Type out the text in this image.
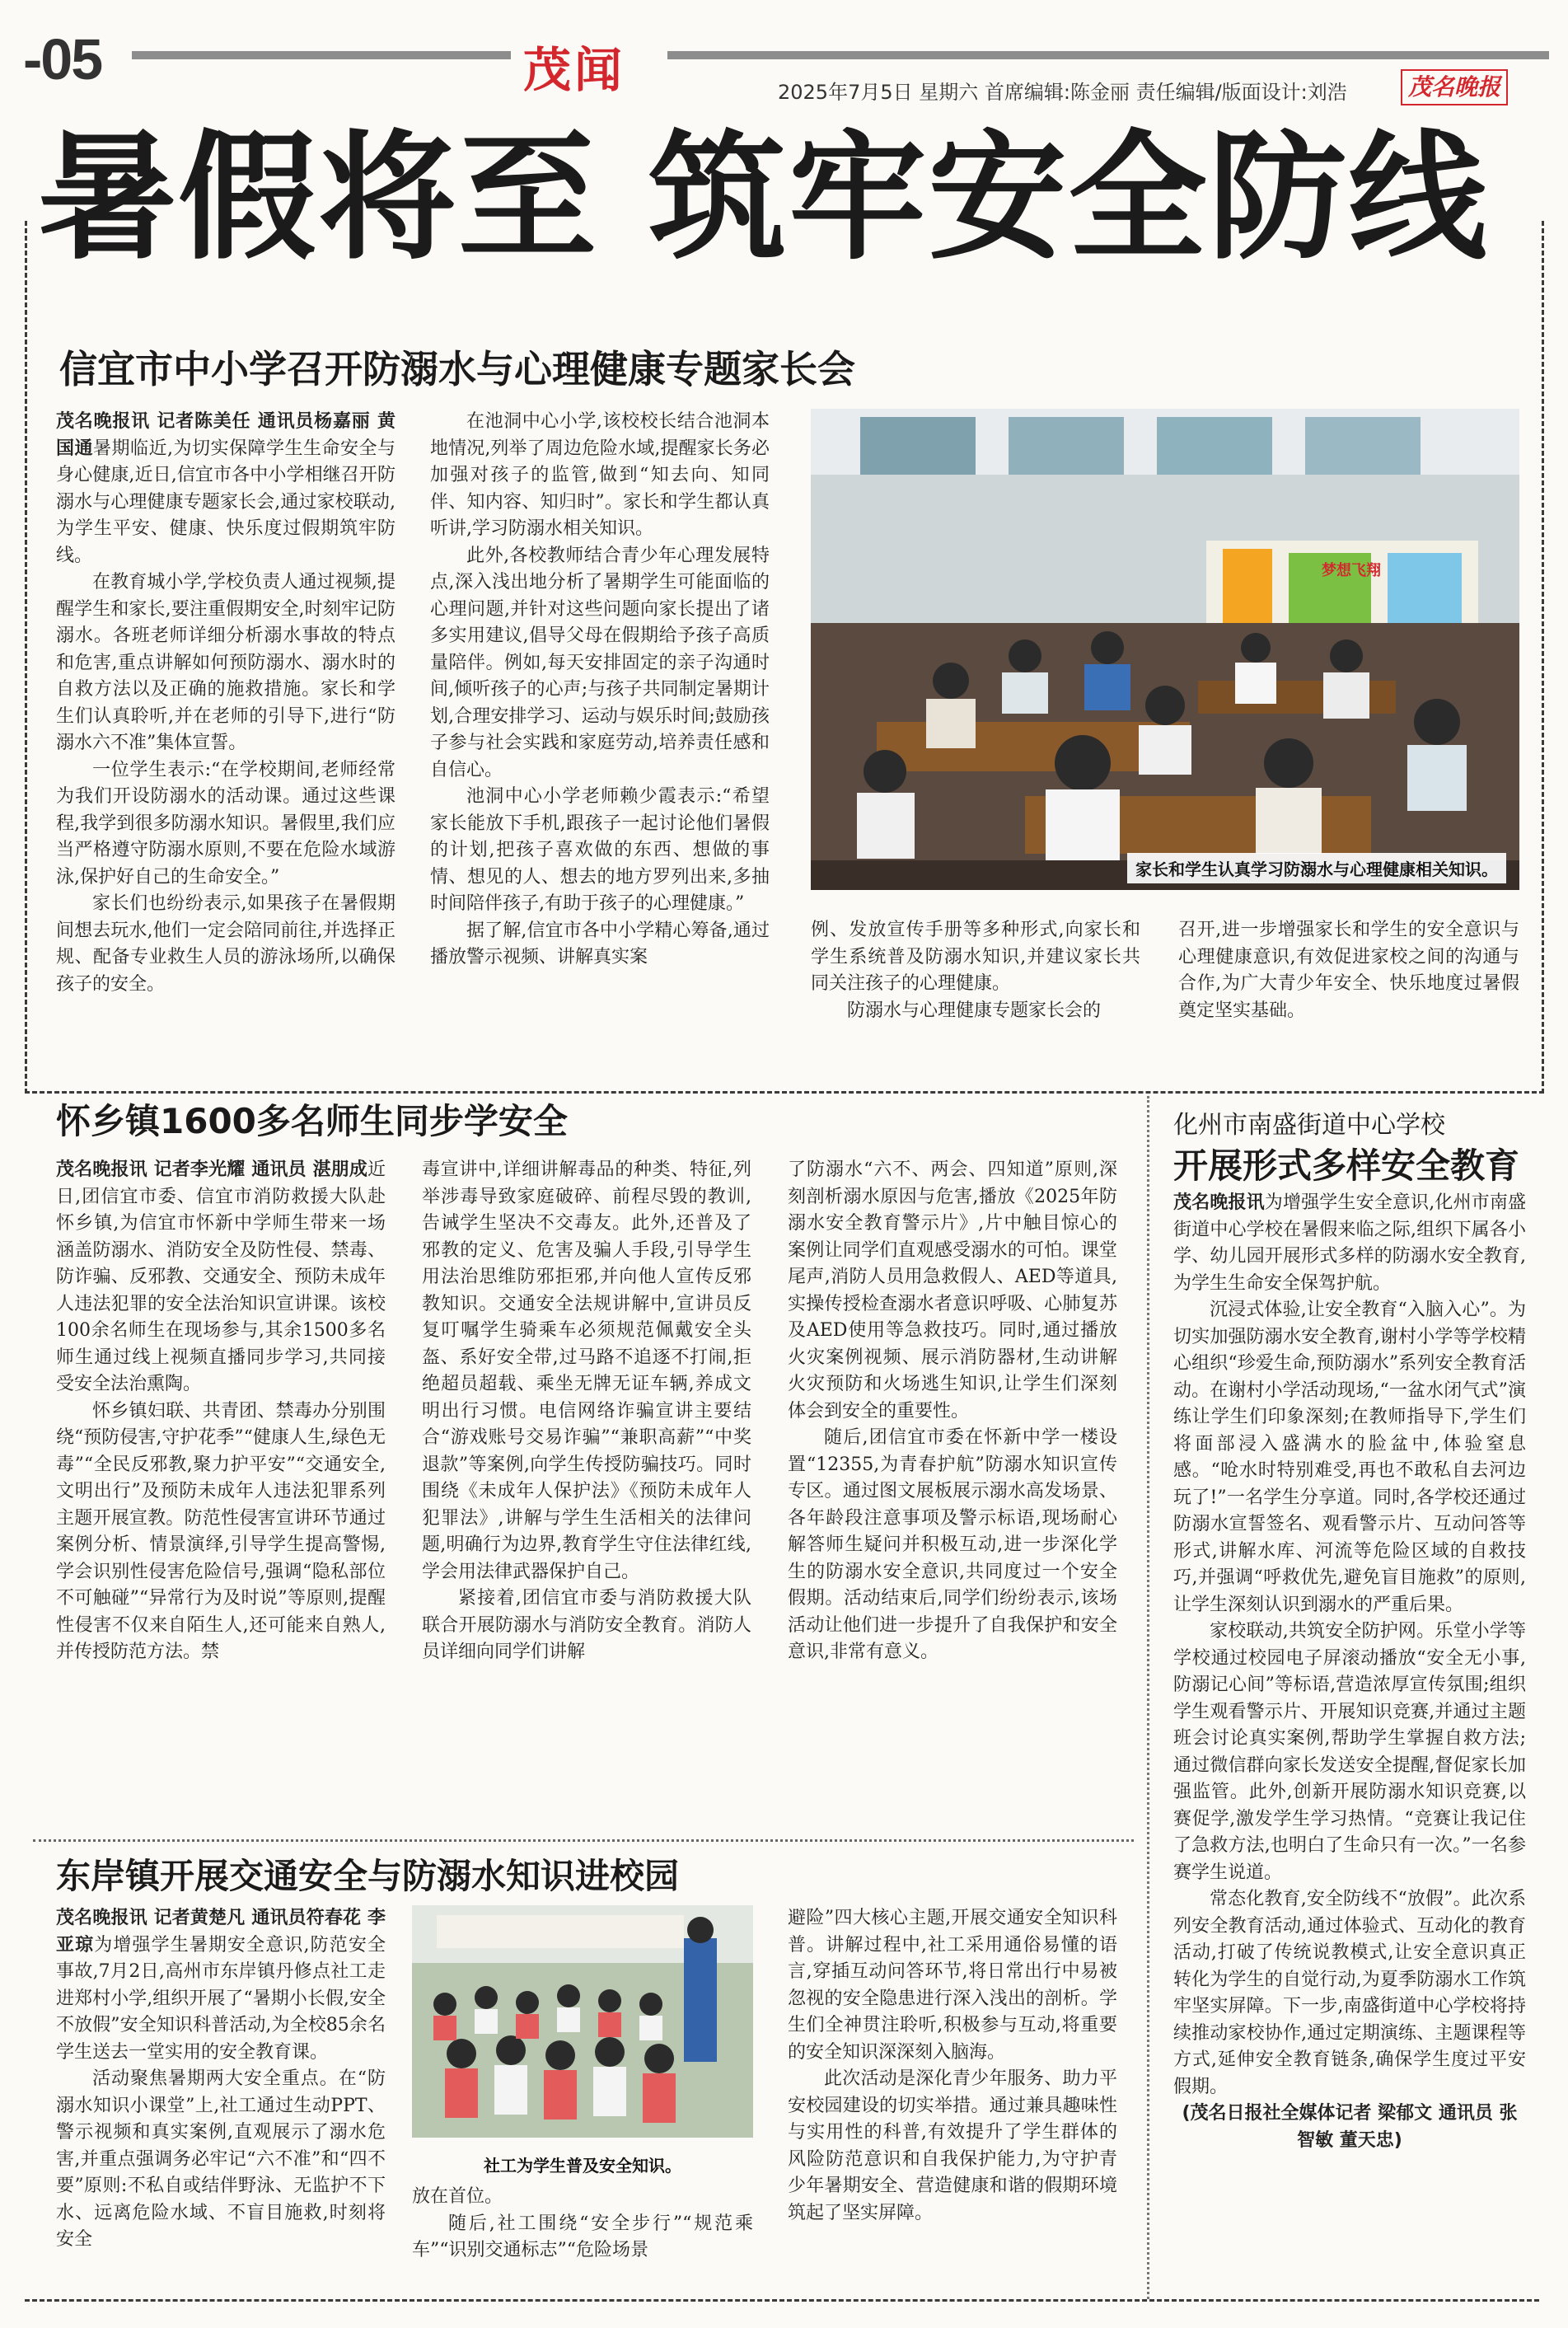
-05	茂闻	2025年7月5日 星期六 首席编辑:陈金丽 责任编辑/版面设计:刘浩	茂名晚报
暑假将至 筑牢安全防线
信宜市中小学召开防溺水与心理健康专题家长会

茂名晚报讯 记者陈美任 通讯员杨嘉丽 黄国通暑期临近,为切实保障学生生命安全与身心健康,近日,信宜市各中小学相继召开防溺水与心理健康专题家长会,通过家校联动,为学生平安、健康、快乐度过假期筑牢防线。

在教育城小学,学校负责人通过视频,提醒学生和家长,要注重假期安全,时刻牢记防溺水。各班老师详细分析溺水事故的特点和危害,重点讲解如何预防溺水、溺水时的自救方法以及正确的施救措施。家长和学生们认真聆听,并在老师的引导下,进行“防溺水六不准”集体宣誓。

一位学生表示:“在学校期间,老师经常为我们开设防溺水的活动课。通过这些课程,我学到很多防溺水知识。暑假里,我们应当严格遵守防溺水原则,不要在危险水域游泳,保护好自己的生命安全。”

家长们也纷纷表示,如果孩子在暑假期间想去玩水,他们一定会陪同前往,并选择正规、配备专业救生人员的游泳场所,以确保孩子的安全。

在池洞中心小学,该校校长结合池洞本地情况,列举了周边危险水域,提醒家长务必加强对孩子的监管,做到“知去向、知同伴、知内容、知归时”。家长和学生都认真听讲,学习防溺水相关知识。

此外,各校教师结合青少年心理发展特点,深入浅出地分析了暑期学生可能面临的心理问题,并针对这些问题向家长提出了诸多实用建议,倡导父母在假期给予孩子高质量陪伴。例如,每天安排固定的亲子沟通时间,倾听孩子的心声;与孩子共同制定暑期计划,合理安排学习、运动与娱乐时间;鼓励孩子参与社会实践和家庭劳动,培养责任感和自信心。

池洞中心小学老师赖少霞表示:“希望家长能放下手机,跟孩子一起讨论他们暑假的计划,把孩子喜欢做的东西、想做的事情、想见的人、想去的地方罗列出来,多抽时间陪伴孩子,有助于孩子的心理健康。”

据了解,信宜市各中小学精心筹备,通过播放警示视频、讲解真实案

梦想飞翔
家长和学生认真学习防溺水与心理健康相关知识。

例、发放宣传手册等多种形式,向家长和学生系统普及防溺水知识,并建议家长共同关注孩子的心理健康。

防溺水与心理健康专题家长会的

召开,进一步增强家长和学生的安全意识与心理健康意识,有效促进家校之间的沟通与合作,为广大青少年安全、快乐地度过暑假奠定坚实基础。

怀乡镇1600多名师生同步学安全

茂名晚报讯 记者李光耀 通讯员 湛朋成近日,团信宜市委、信宜市消防救援大队赴怀乡镇,为信宜市怀新中学师生带来一场涵盖防溺水、消防安全及防性侵、禁毒、防诈骗、反邪教、交通安全、预防未成年人违法犯罪的安全法治知识宣讲课。该校100余名师生在现场参与,其余1500多名师生通过线上视频直播同步学习,共同接受安全法治熏陶。

怀乡镇妇联、共青团、禁毒办分别围绕“预防侵害,守护花季”“健康人生,绿色无毒”“全民反邪教,聚力护平安”“交通安全,文明出行”及预防未成年人违法犯罪系列主题开展宣教。防范性侵害宣讲环节通过案例分析、情景演绎,引导学生提高警惕,学会识别性侵害危险信号,强调“隐私部位不可触碰”“异常行为及时说”等原则,提醒性侵害不仅来自陌生人,还可能来自熟人,并传授防范方法。禁

毒宣讲中,详细讲解毒品的种类、特征,列举涉毒导致家庭破碎、前程尽毁的教训,告诫学生坚决不交毒友。此外,还普及了邪教的定义、危害及骗人手段,引导学生用法治思维防邪拒邪,并向他人宣传反邪教知识。交通安全法规讲解中,宣讲员反复叮嘱学生骑乘车必须规范佩戴安全头盔、系好安全带,过马路不追逐不打闹,拒绝超员超载、乘坐无牌无证车辆,养成文明出行习惯。电信网络诈骗宣讲主要结合“游戏账号交易诈骗”“兼职高薪”“中奖退款”等案例,向学生传授防骗技巧。同时围绕《未成年人保护法》《预防未成年人犯罪法》,讲解与学生生活相关的法律问题,明确行为边界,教育学生守住法律红线,学会用法律武器保护自己。

紧接着,团信宜市委与消防救援大队联合开展防溺水与消防安全教育。消防人员详细向同学们讲解

了防溺水“六不、两会、四知道”原则,深刻剖析溺水原因与危害,播放《2025年防溺水安全教育警示片》,片中触目惊心的案例让同学们直观感受溺水的可怕。课堂尾声,消防人员用急救假人、AED等道具,实操传授检查溺水者意识呼吸、心肺复苏及AED使用等急救技巧。同时,通过播放火灾案例视频、展示消防器材,生动讲解火灾预防和火场逃生知识,让学生们深刻体会到安全的重要性。

随后,团信宜市委在怀新中学一楼设置“12355,为青春护航”防溺水知识宣传专区。通过图文展板展示溺水高发场景、各年龄段注意事项及警示标语,现场耐心解答师生疑问并积极互动,进一步深化学生的防溺水安全意识,共同度过一个安全假期。活动结束后,同学们纷纷表示,该场活动让他们进一步提升了自我保护和安全意识,非常有意义。

化州市南盛街道中心学校
开展形式多样安全教育

茂名晚报讯为增强学生安全意识,化州市南盛街道中心学校在暑假来临之际,组织下属各小学、幼儿园开展形式多样的防溺水安全教育,为学生生命安全保驾护航。

沉浸式体验,让安全教育“入脑入心”。为切实加强防溺水安全教育,谢村小学等学校精心组织“珍爱生命,预防溺水”系列安全教育活动。在谢村小学活动现场,“一盆水闭气式”演练让学生们印象深刻;在教师指导下,学生们将面部浸入盛满水的脸盆中,体验窒息感。“呛水时特别难受,再也不敢私自去河边玩了!”一名学生分享道。同时,各学校还通过防溺水宣誓签名、观看警示片、互动问答等形式,讲解水库、河流等危险区域的自救技巧,并强调“呼救优先,避免盲目施救”的原则,让学生深刻认识到溺水的严重后果。

家校联动,共筑安全防护网。乐堂小学等学校通过校园电子屏滚动播放“安全无小事,防溺记心间”等标语,营造浓厚宣传氛围;组织学生观看警示片、开展知识竞赛,并通过主题班会讨论真实案例,帮助学生掌握自救方法;通过微信群向家长发送安全提醒,督促家长加强监管。此外,创新开展防溺水知识竞赛,以赛促学,激发学生学习热情。“竞赛让我记住了急救方法,也明白了生命只有一次。”一名参赛学生说道。

常态化教育,安全防线不“放假”。此次系列安全教育活动,通过体验式、互动化的教育活动,打破了传统说教模式,让安全意识真正转化为学生的自觉行动,为夏季防溺水工作筑牢坚实屏障。下一步,南盛街道中心学校将持续推动家校协作,通过定期演练、主题课程等方式,延伸安全教育链条,确保学生度过平安假期。

(茂名日报社全媒体记者 梁郁文 通讯员 张智敏 董天忠)

东岸镇开展交通安全与防溺水知识进校园

茂名晚报讯 记者黄楚凡 通讯员符春花 李亚琼为增强学生暑期安全意识,防范安全事故,7月2日,高州市东岸镇丹修点社工走进郑村小学,组织开展了“暑期小长假,安全不放假”安全知识科普活动,为全校85余名学生送去一堂实用的安全教育课。

活动聚焦暑期两大安全重点。在“防溺水知识小课堂”上,社工通过生动PPT、警示视频和真实案例,直观展示了溺水危害,并重点强调务必牢记“六不准”和“四不要”原则:不私自或结伴野泳、无监护不下水、远离危险水域、不盲目施救,时刻将安全

社工为学生普及安全知识。

放在首位。

随后,社工围绕“安全步行”“规范乘车”“识别交通标志”“危险场景

避险”四大核心主题,开展交通安全知识科普。讲解过程中,社工采用通俗易懂的语言,穿插互动问答环节,将日常出行中易被忽视的安全隐患进行深入浅出的剖析。学生们全神贯注聆听,积极参与互动,将重要的安全知识深深刻入脑海。

此次活动是深化青少年服务、助力平安校园建设的切实举措。通过兼具趣味性与实用性的科普,有效提升了学生群体的风险防范意识和自我保护能力,为守护青少年暑期安全、营造健康和谐的假期环境筑起了坚实屏障。
